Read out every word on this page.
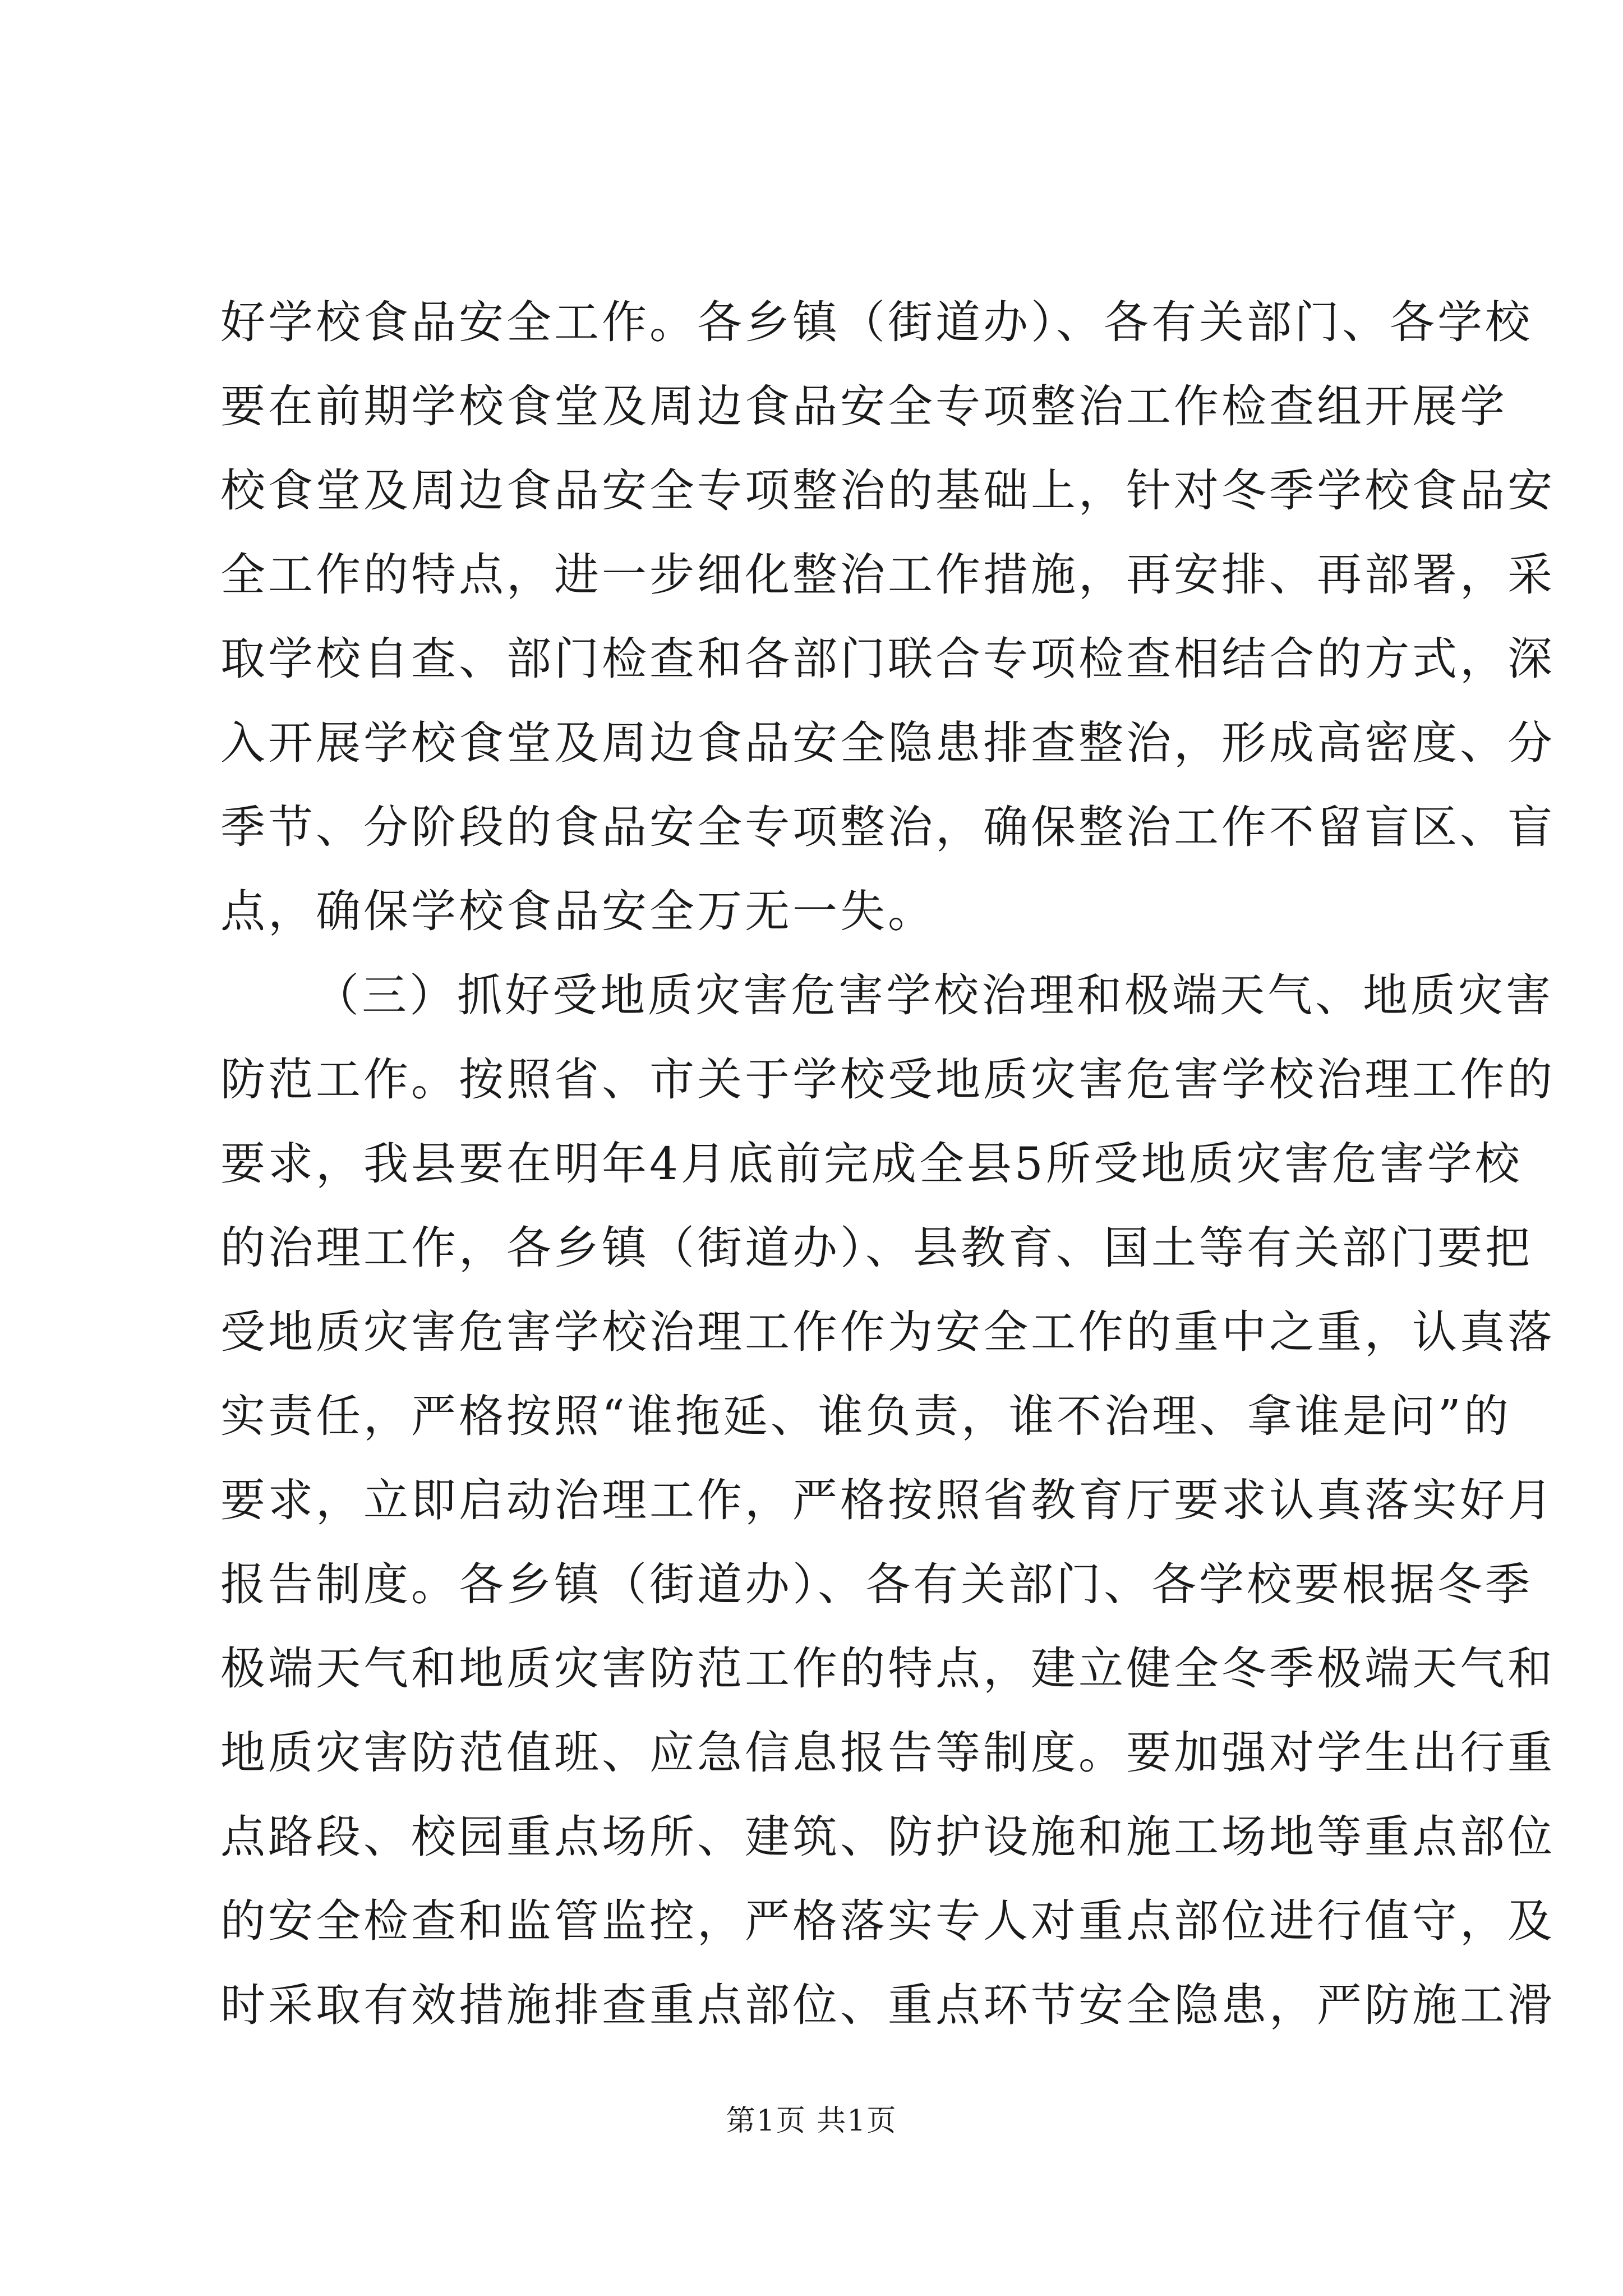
好学校食品安全工作。各乡镇（街道办）、各有关部门、各学校
要在前期学校食堂及周边食品安全专项整治工作检查组开展学
校食堂及周边食品安全专项整治的基础上，针对冬季学校食品安
全工作的特点，进一步细化整治工作措施，再安排、再部署，采
取学校自查、部门检查和各部门联合专项检查相结合的方式，深
入开展学校食堂及周边食品安全隐患排查整治，形成高密度、分
季节、分阶段的食品安全专项整治，确保整治工作不留盲区、盲
点，确保学校食品安全万无一失。
（三）抓好受地质灾害危害学校治理和极端天气、地质灾害
防范工作。按照省、市关于学校受地质灾害危害学校治理工作的
要求，我县要在明年4月底前完成全县5所受地质灾害危害学校
的治理工作，各乡镇（街道办）、县教育、国土等有关部门要把
受地质灾害危害学校治理工作作为安全工作的重中之重，认真落
实责任，严格按照“谁拖延、谁负责，谁不治理、拿谁是问”的
要求，立即启动治理工作，严格按照省教育厅要求认真落实好月
报告制度。各乡镇（街道办）、各有关部门、各学校要根据冬季
极端天气和地质灾害防范工作的特点，建立健全冬季极端天气和
地质灾害防范值班、应急信息报告等制度。要加强对学生出行重
点路段、校园重点场所、建筑、防护设施和施工场地等重点部位
的安全检查和监管监控，严格落实专人对重点部位进行值守，及
时采取有效措施排查重点部位、重点环节安全隐患，严防施工滑
第1页 共1页
